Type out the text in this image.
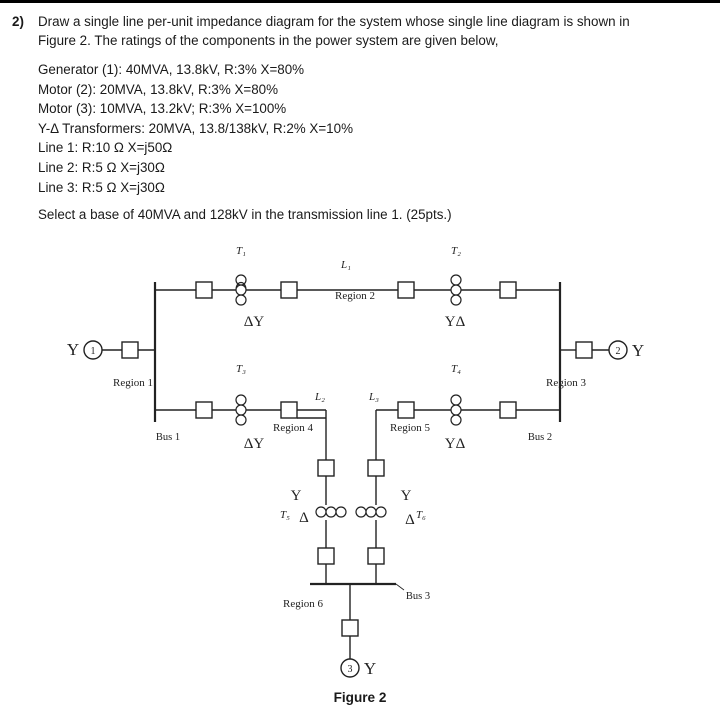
2) Draw a single line per-unit impedance diagram for the system whose single line diagram is shown in
Figure 2. The ratings of the components in the power system are given below,
Generator (1): 40MVA, 13.8kV, R:3% X=80%
Motor (2): 20MVA, 13.8kV, R:3% X=80%
Motor (3): 10MVA, 13.2kV; R:3% X=100%
Y-Δ Transformers: 20MVA, 13.8/138kV, R:2% X=10%
Line 1: R:10 Ω X=j50Ω
Line 2: R:5 Ω X=j30Ω
Line 3: R:5 Ω X=j30Ω
Select a base of 40MVA and 128kV in the transmission line 1. (25pts.)
Y 1
Bus 1
Region 1
T₁	T₂
L₁
Region 2
ΔY	YΔ
T₃	T₄
L₂	L₃
Region 4	Region 5
ΔY	YΔ	Bus 2
Region 3
2 Y
T₅	T₆
Y
Δ
Y
Δ
Bus 3
Region 6
3 Y
Figure 2
